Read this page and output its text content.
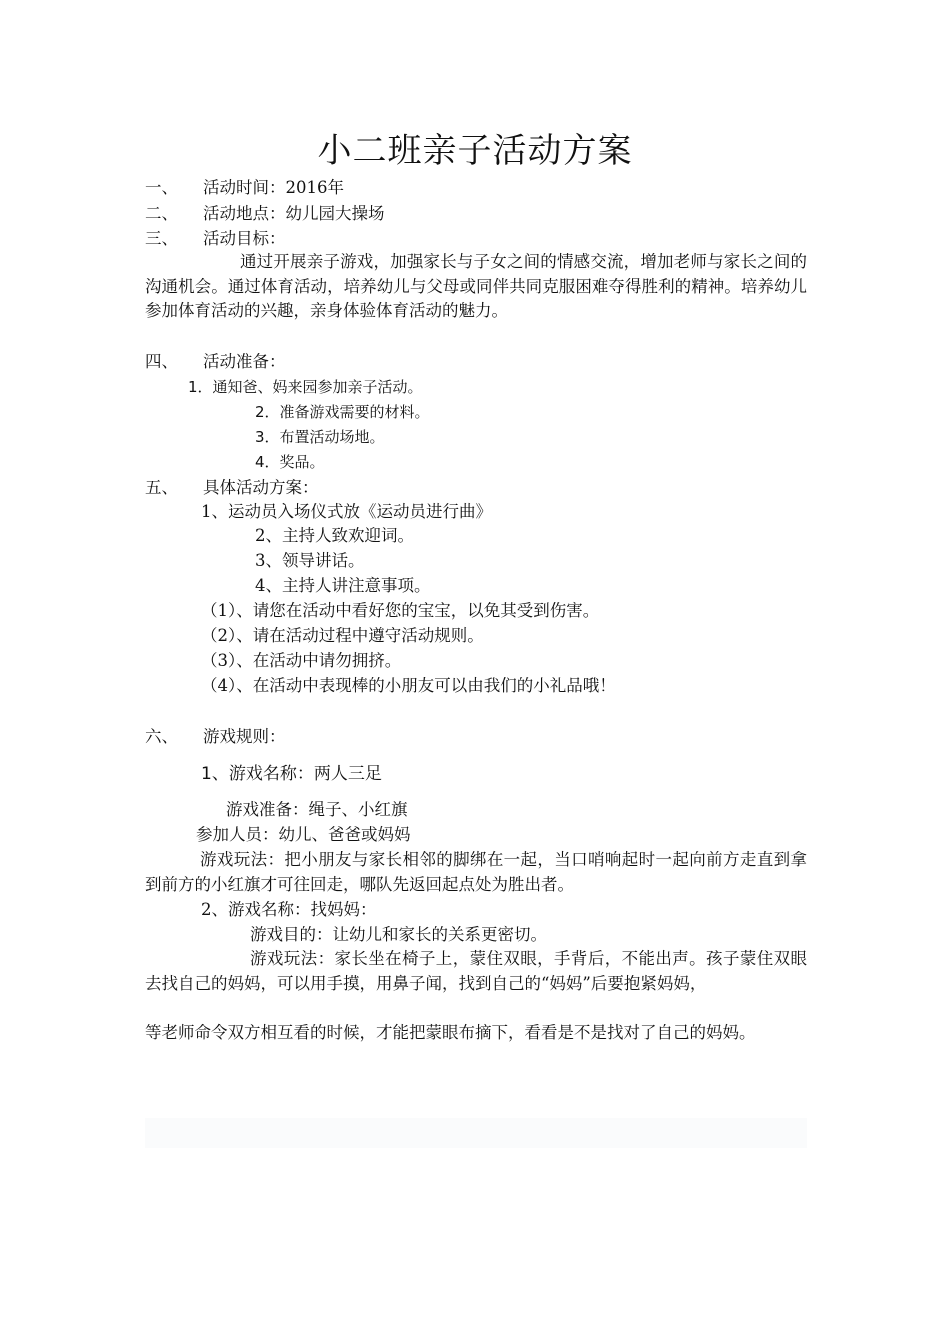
小二班亲子活动方案
一、 活动时间：2016年
二、 活动地点：幼儿园大操场
三、 活动目标：
通过开展亲子游戏，加强家长与子女之间的情感交流，增加老师与家长之间的沟通机会。通过体育活动，培养幼儿与父母或同伴共同克服困难夺得胜利的精神。培养幼儿参加体育活动的兴趣，亲身体验体育活动的魅力。
四、 活动准备：
1．通知爸、妈来园参加亲子活动。
2．准备游戏需要的材料。
3．布置活动场地。
4．奖品。
五、 具体活动方案：
1、运动员入场仪式放《运动员进行曲》
2、主持人致欢迎词。
3、领导讲话。
4、主持人讲注意事项。
（1）、请您在活动中看好您的宝宝，以免其受到伤害。
（2）、请在活动过程中遵守活动规则。
（3）、在活动中请勿拥挤。
（4）、在活动中表现棒的小朋友可以由我们的小礼品哦！
六、 游戏规则：
1、游戏名称：两人三足
游戏准备：绳子、小红旗
参加人员：幼儿、爸爸或妈妈
游戏玩法：把小朋友与家长相邻的脚绑在一起，当口哨响起时一起向前方走直到拿到前方的小红旗才可往回走，哪队先返回起点处为胜出者。
2、游戏名称：找妈妈：
游戏目的：让幼儿和家长的关系更密切。
游戏玩法：家长坐在椅子上，蒙住双眼，手背后，不能出声。孩子蒙住双眼去找自己的妈妈，可以用手摸，用鼻子闻，找到自己的“妈妈”后要抱紧妈妈，
等老师命令双方相互看的时候，才能把蒙眼布摘下，看看是不是找对了自己的妈妈。
